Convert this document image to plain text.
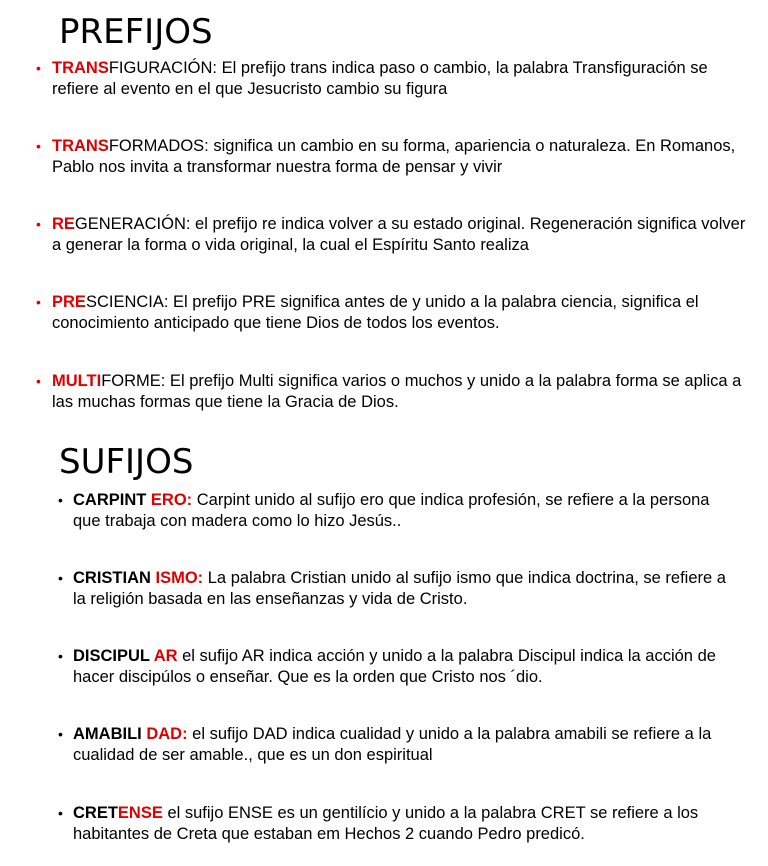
PREFIJOS
• TRANSFIGURACIÓN: El prefijo trans indica paso o cambio, la palabra Transfiguración se refiere al evento en el que Jesucristo cambio su figura
• TRANSFORMADOS: significa un cambio en su forma, apariencia o naturaleza. En Romanos, Pablo nos invita a transformar nuestra forma de pensar y vivir
• REGENERACIÓN: el prefijo re indica volver a su estado original. Regeneración significa volver a generar la forma o vida original, la cual el Espíritu Santo realiza
• PRESCIENCIA: El prefijo PRE significa antes de y unido a la palabra ciencia, significa el conocimiento anticipado que tiene Dios de todos los eventos.
• MULTIFORME: El prefijo Multi significa varios o muchos y unido a la palabra forma se aplica a las muchas formas que tiene la Gracia de Dios.
SUFIJOS
• CARPINT ERO: Carpint unido al sufijo ero que indica profesión, se refiere a la persona que trabaja con madera como lo hizo Jesús..
• CRISTIAN ISMO: La palabra Cristian unido al sufijo ismo que indica doctrina, se refiere a la religión basada en las enseñanzas y vida de Cristo.
• DISCIPUL AR el sufijo AR indica acción y unido a la palabra Discipul indica la acción de hacer discipúlos o enseñar. Que es la orden que Cristo nos ´dio.
• AMABILI DAD: el sufijo DAD indica cualidad y unido a la palabra amabili se refiere a la cualidad de ser amable., que es un don espiritual
• CRETENSE el sufijo ENSE es un gentilício y unido a la palabra CRET se refiere a los habitantes de Creta que estaban em Hechos 2 cuando Pedro predicó.
